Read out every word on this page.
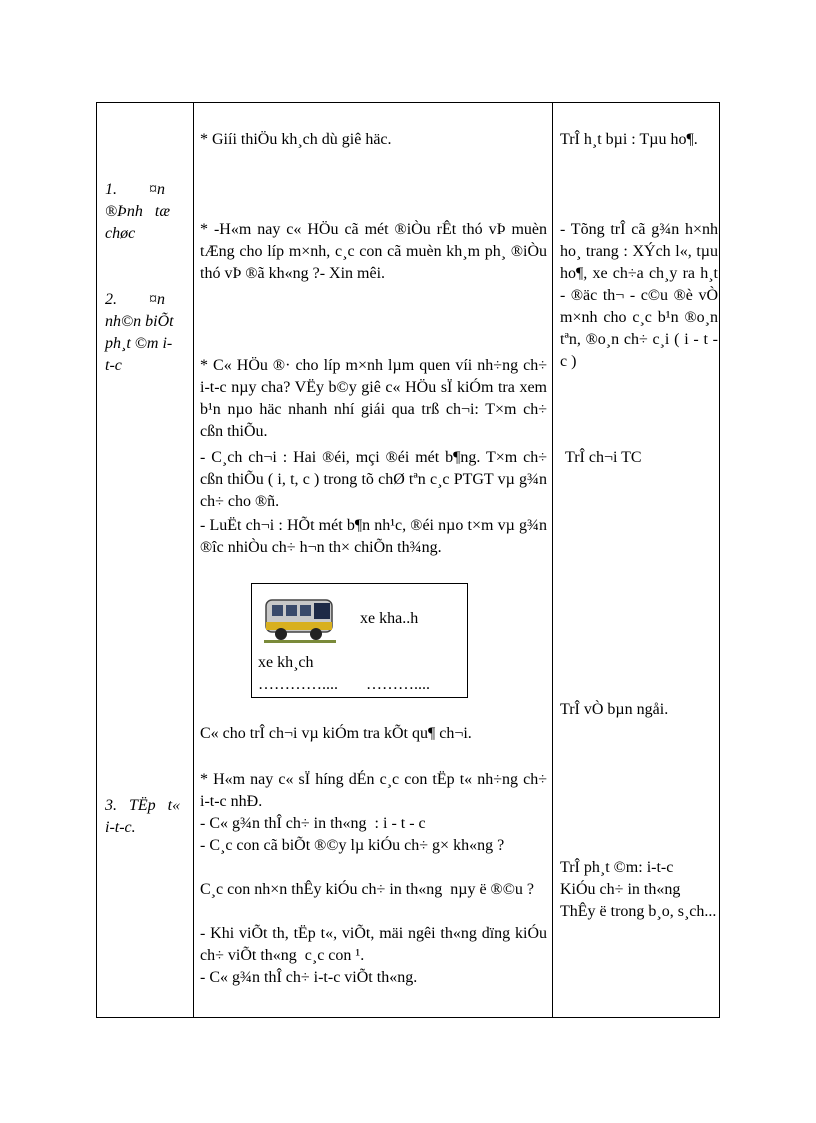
1.        ¤n
®Þnh   tæ
chøc

2.        ¤n
nh©n biÕt
ph¸t ©m i-
t-c

3.   TËp   t«
i-t-c.

* Giíi thiÖu kh¸ch dù giê häc.
* -H«m nay c« HÖu cã mét ®iÒu rÊt thó vÞ muèn tÆng cho líp m×nh, c¸c con cã muèn kh¸m ph¸ ®iÒu thó vÞ ®ã kh«ng ?- Xin mêi.
* C« HÖu ®· cho líp m×nh lµm quen víi nh÷ng ch÷ i-t-c nµy cha? VËy b©y giê c« HÖu sÏ kiÓm tra xem b¹n nµo häc nhanh nhí giái qua trß ch¬i: T×m ch÷ cßn thiÕu.
- C¸ch ch¬i : Hai ®éi, mçi ®éi mét b¶ng. T×m ch÷ cßn thiÕu ( i, t, c ) trong tõ chØ tªn c¸c PTGT vµ g¾n ch÷ cho ®ñ.
- LuËt ch¬i : HÕt mét b¶n nh¹c, ®éi nµo t×m vµ g¾n ®îc nhiÒu ch÷ h¬n th× chiÕn th¾ng.
xe kha..h
xe kh¸ch
………….... ………....
C« cho trÎ ch¬i vµ kiÓm tra kÕt qu¶ ch¬i.
* H«m nay c« sÏ híng dÉn c¸c con tËp t« nh÷ng ch÷ i-t-c nhÐ.
- C« g¾n thÎ ch÷ in th«ng  : i - t - c
- C¸c con cã biÕt ®©y lµ kiÓu ch÷ g× kh«ng ?
C¸c con nh×n thÊy kiÓu ch÷ in th«ng  nµy ë ®©u ?
- Khi viÕt th, tËp t«, viÕt, mäi ngêi th«ng dïng kiÓu ch÷ viÕt th«ng  c¸c con ¹.
- C« g¾n thÎ ch÷ i-t-c viÕt th«ng.
TrÎ h¸t bµi : Tµu ho¶.
- Tõng trÎ cã g¾n h×nh ho¸ trang : XÝch l«, tµu ho¶, xe ch÷a ch¸y ra h¸t - ®äc th¬ - c©u ®è vÒ m×nh cho c¸c b¹n ®o¸n tªn, ®o¸n ch÷ c¸i ( i - t - c )
TrÎ ch¬i TC
TrÎ vÒ bµn ngåi.

TrÎ ph¸t ©m: i-t-c
KiÓu ch÷ in th«ng
ThÊy ë trong b¸o, s¸ch...
